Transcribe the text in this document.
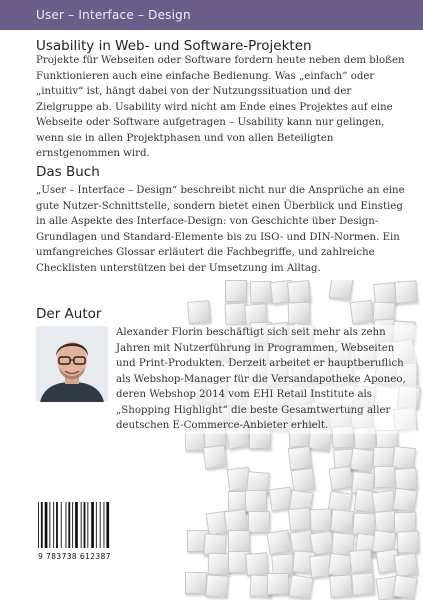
User – Interface – Design
Usability in Web- und Software-Projekten

Projekte für Webseiten oder Software fordern heute neben dem bloßen Funktionieren auch eine einfache Bedienung. Was „einfach“ oder „intuitiv“ ist, hängt dabei von der Nutzungssituation und der Zielgruppe ab. Usability wird nicht am Ende eines Projektes auf eine Webseite oder Software aufgetragen – Usability kann nur gelingen, wenn sie in allen Projektphasen und von allen Beteiligten ernstgenommen wird.

Das Buch

„User – Interface – Design“ beschreibt nicht nur die Ansprüche an eine gute Nutzer-Schnittstelle, sondern bietet einen Überblick und Einstieg in alle Aspekte des Interface-Design: von Geschichte über Design-Grundlagen und Standard-Elemente bis zu ISO- und DIN-Normen. Ein umfangreiches Glossar erläutert die Fachbegriffe, und zahlreiche Checklisten unterstützen bei der Umsetzung im Alltag.

Der Autor

Alexander Florin beschäftigt sich seit mehr als zehn Jahren mit Nutzerführung in Programmen, Webseiten und Print-Produkten. Derzeit arbeitet er hauptberuflich als Webshop-Manager für die Versandapotheke Aponeo, deren Webshop 2014 vom EHI Retail Institute als „Shopping Highlight“ die beste Gesamtwertung aller deutschen E-Commerce-Anbieter erhielt.

9 783738 612387
